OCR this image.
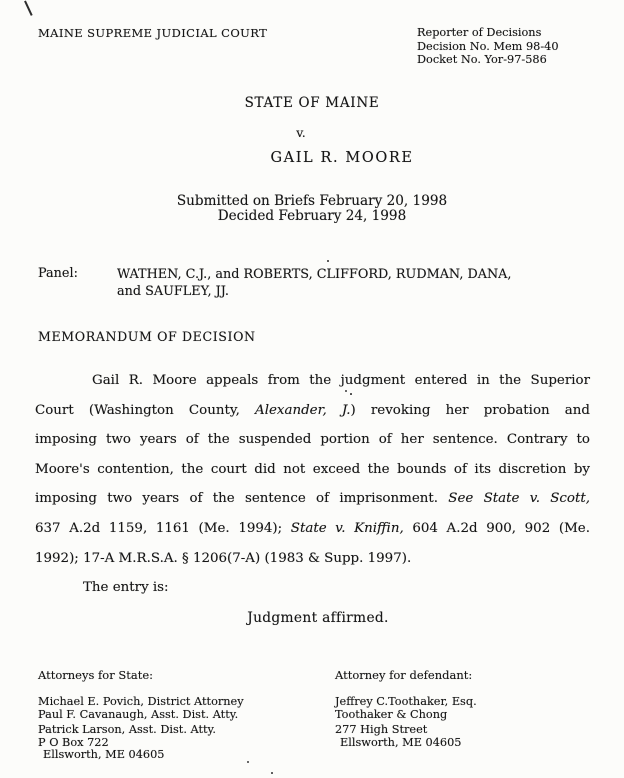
MAINE SUPREME JUDICIAL COURT	Reporter of Decisions
Decision No. Mem 98-40
Docket No. Yor-97-586
STATE OF MAINE
v.
GAIL R. MOORE
Submitted on Briefs February 20, 1998
Decided February 24, 1998
Panel:	WATHEN, C.J., and ROBERTS, CLIFFORD, RUDMAN, DANA,
and SAUFLEY, JJ.
MEMORANDUM OF DECISION
Gail R. Moore appeals from the judgment entered in the Superior
Court (Washington County, Alexander, J.) revoking her probation and
imposing two years of the suspended portion of her sentence. Contrary to
Moore's contention, the court did not exceed the bounds of its discretion by
imposing two years of the sentence of imprisonment. See State v. Scott,
637 A.2d 1159, 1161 (Me. 1994); State v. Kniffin, 604 A.2d 900, 902 (Me.
1992); 17-A M.R.S.A. § 1206(7-A) (1983 & Supp. 1997).
The entry is:
Judgment affirmed.
Attorneys for State:	Attorney for defendant:
Michael E. Povich, District Attorney
Paul F. Cavanaugh, Asst. Dist. Atty.
Patrick Larson, Asst. Dist. Atty.
P O Box 722
Ellsworth, ME 04605
Jeffrey C.Toothaker, Esq.
Toothaker & Chong
277 High Street
Ellsworth, ME 04605
